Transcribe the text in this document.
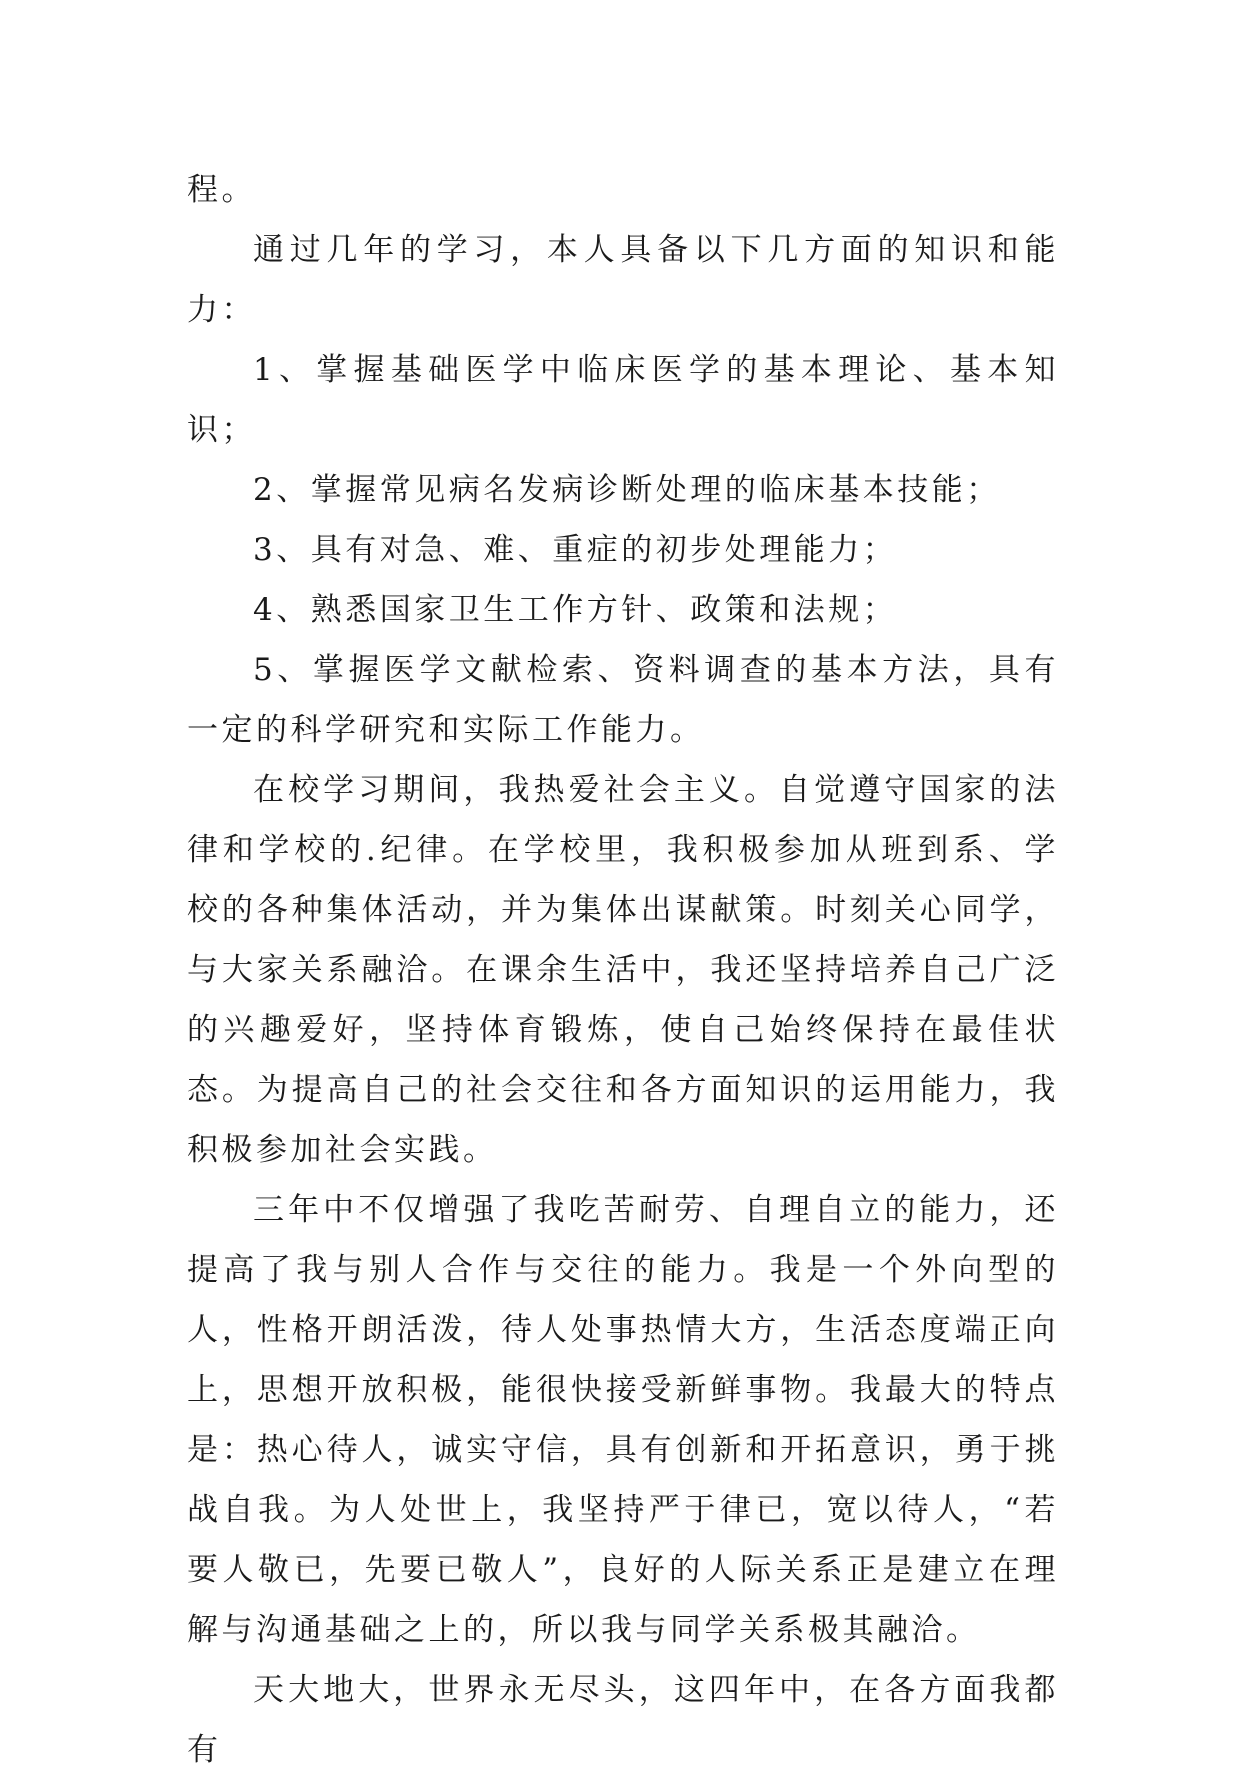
程。

通过几年的学习，本人具备以下几方面的知识和能力：

1、掌握基础医学中临床医学的基本理论、基本知识；

2、掌握常见病名发病诊断处理的临床基本技能；

3、具有对急、难、重症的初步处理能力；

4、熟悉国家卫生工作方针、政策和法规；

5、掌握医学文献检索、资料调查的基本方法，具有一定的科学研究和实际工作能力。

在校学习期间，我热爱社会主义。自觉遵守国家的法律和学校的.纪律。在学校里，我积极参加从班到系、学校的各种集体活动，并为集体出谋献策。时刻关心同学，与大家关系融洽。在课余生活中，我还坚持培养自己广泛的兴趣爱好，坚持体育锻炼，使自己始终保持在最佳状态。为提高自己的社会交往和各方面知识的运用能力，我积极参加社会实践。

三年中不仅增强了我吃苦耐劳、自理自立的能力，还提高了我与别人合作与交往的能力。我是一个外向型的人，性格开朗活泼，待人处事热情大方，生活态度端正向上，思想开放积极，能很快接受新鲜事物。我最大的特点是：热心待人，诚实守信，具有创新和开拓意识，勇于挑战自我。为人处世上，我坚持严于律已，宽以待人，“若要人敬已，先要已敬人”，良好的人际关系正是建立在理解与沟通基础之上的，所以我与同学关系极其融洽。

天大地大，世界永无尽头，这四年中，在各方面我都有
